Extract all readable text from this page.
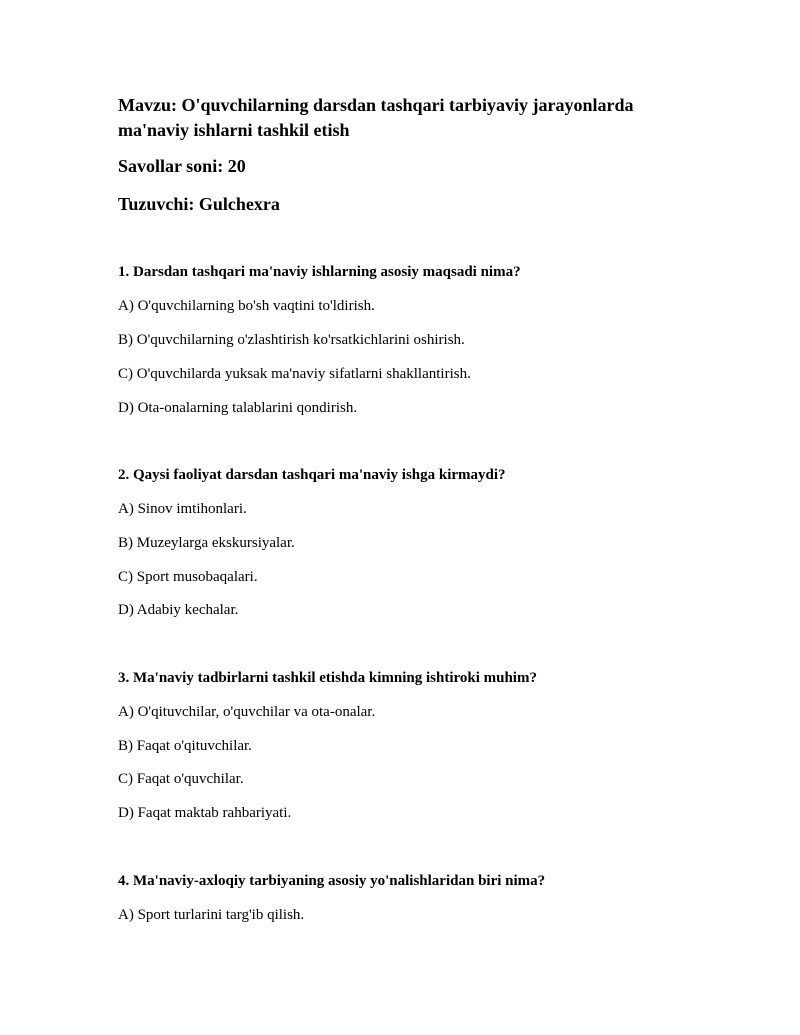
Mavzu: O'quvchilarning darsdan tashqari tarbiyaviy jarayonlarda ma'naviy ishlarni tashkil etish

Savollar soni: 20

Tuzuvchi: Gulchexra

1. Darsdan tashqari ma'naviy ishlarning asosiy maqsadi nima?

A) O'quvchilarning bo'sh vaqtini to'ldirish.

B) O'quvchilarning o'zlashtirish ko'rsatkichlarini oshirish.

C) O'quvchilarda yuksak ma'naviy sifatlarni shakllantirish.

D) Ota-onalarning talablarini qondirish.

2. Qaysi faoliyat darsdan tashqari ma'naviy ishga kirmaydi?

A) Sinov imtihonlari.

B) Muzeylarga ekskursiyalar.

C) Sport musobaqalari.

D) Adabiy kechalar.

3. Ma'naviy tadbirlarni tashkil etishda kimning ishtiroki muhim?

A) O'qituvchilar, o'quvchilar va ota-onalar.

B) Faqat o'qituvchilar.

C) Faqat o'quvchilar.

D) Faqat maktab rahbariyati.

4. Ma'naviy-axloqiy tarbiyaning asosiy yo'nalishlaridan biri nima?

A) Sport turlarini targ'ib qilish.
